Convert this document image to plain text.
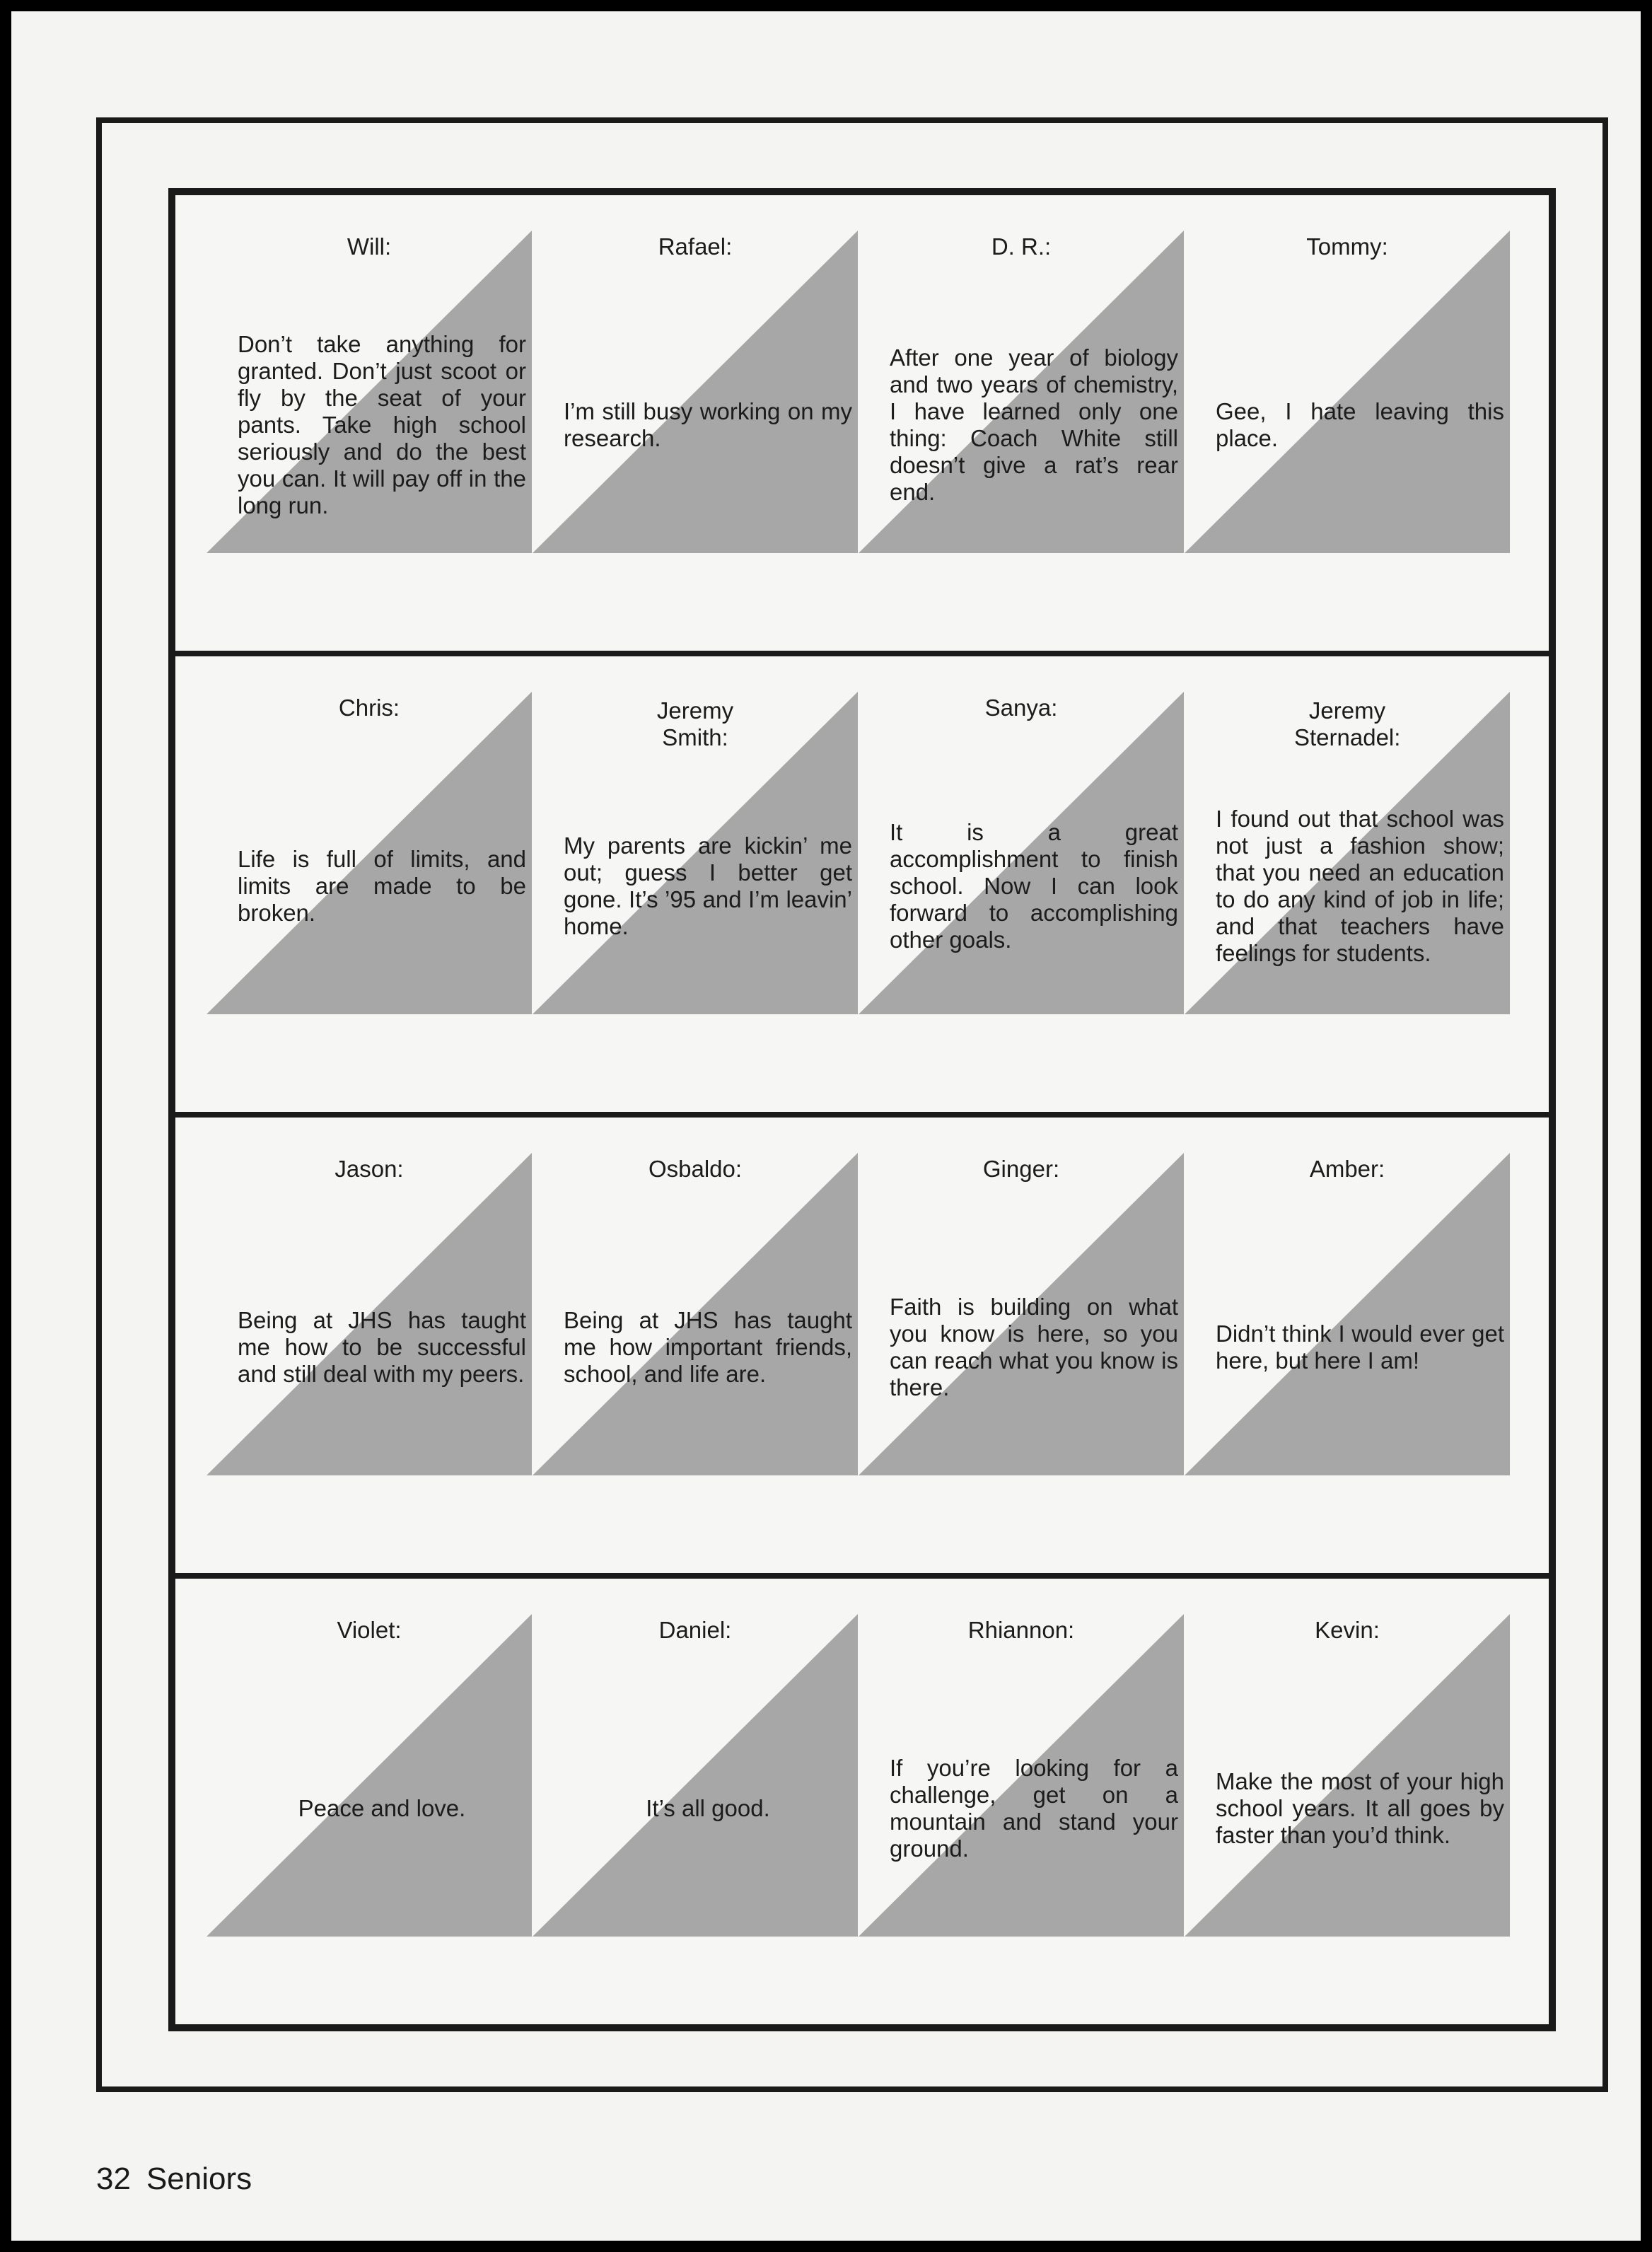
Will:
Don’t take anything for granted. Don’t just scoot or fly by the seat of your pants. Take high school seriously and do the best you can. It will pay off in the long run.
Rafael:
I’m still busy working on my research.
D. R.:
After one year of biology and two years of chemistry, I have learned only one thing: Coach White still doesn’t give a rat’s rear end.
Tommy:
Gee, I hate leaving this place.
Chris:
Life is full of limits, and limits are made to be broken.
Jeremy Smith:
My parents are kickin’ me out; guess I better get gone. It’s ’95 and I’m leavin’ home.
Sanya:
It is a great accomplishment to finish school. Now I can look forward to accomplishing other goals.
Jeremy Sternadel:
I found out that school was not just a fashion show; that you need an education to do any kind of job in life; and that teachers have feelings for students.
Jason:
Being at JHS has taught me how to be successful and still deal with my peers.
Osbaldo:
Being at JHS has taught me how important friends, school, and life are.
Ginger:
Faith is building on what you know is here, so you can reach what you know is there.
Amber:
Didn’t think I would ever get here, but here I am!
Violet:
Peace and love.
Daniel:
It’s all good.
Rhiannon:
If you’re looking for a challenge, get on a mountain and stand your ground.
Kevin:
Make the most of your high school years. It all goes by faster than you’d think.
32 Seniors
